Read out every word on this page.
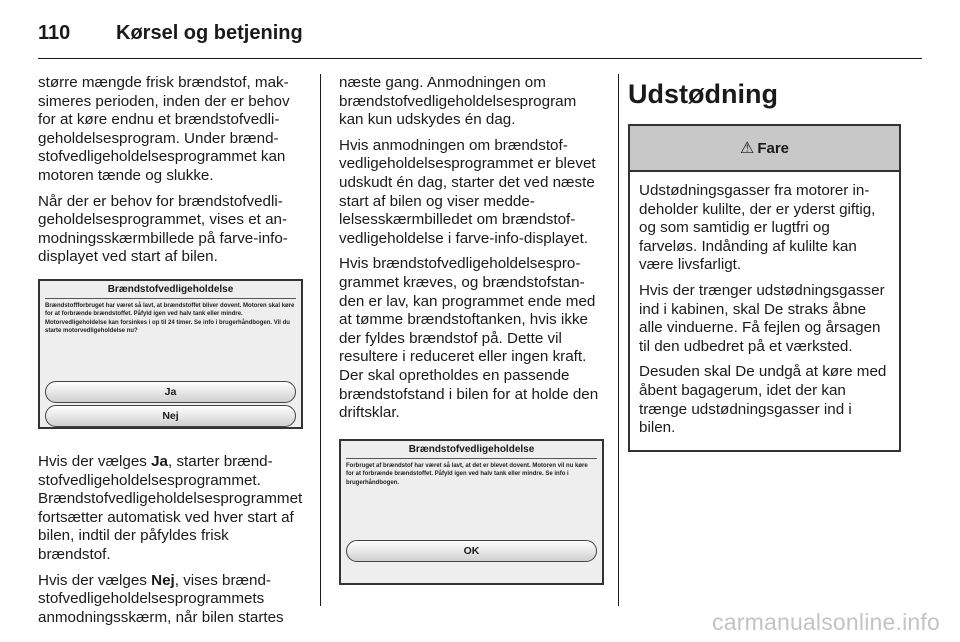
110	Kørsel og betjening

større mængde frisk brændstof, maksimeres perioden, inden der er behov for at køre endnu et brændstofvedligeholdelsesprogram. Under brændstofvedligeholdelsesprogrammet kan motoren tænde og slukke.

Når der er behov for brændstofvedligeholdelsesprogrammet, vises et anmodningsskærmbillede på farve-info-displayet ved start af bilen.

Brændstofvedligeholdelse
Brændstoffforbruget har været så lavt, at brændstoffet bliver dovent. Motoren skal køre for at forbrænde brændstoffet. Påfyld igen ved halv tank eller mindre. Motorvedligeholdelse kan forsinkes i op til 24 timer. Se info i brugerhåndbogen. Vil du starte motorvedligeholdelse nu?
Ja
Nej

Hvis der vælges Ja, starter brændstofvedligeholdelsesprogrammet. Brændstofvedligeholdelsesprogrammet fortsætter automatisk ved hver start af bilen, indtil der påfyldes frisk brændstof.

Hvis der vælges Nej, vises brændstofvedligeholdelsesprogrammets anmodningsskærm, når bilen startes

næste gang. Anmodningen om brændstofvedligeholdelsesprogram kan kun udskydes én dag.

Hvis anmodningen om brændstofvedligeholdelsesprogrammet er blevet udskudt én dag, starter det ved næste start af bilen og viser meddelelsesskærmbilledet om brændstofvedligeholdelse i farve-info-displayet.

Hvis brændstofvedligeholdelsesprogrammet kræves, og brændstofstanden er lav, kan programmet ende med at tømme brændstoftanken, hvis ikke der fyldes brændstof på. Dette vil resultere i reduceret eller ingen kraft. Der skal opretholdes en passende brændstofstand i bilen for at holde den driftsklar.

Brændstofvedligeholdelse
Forbruget af brændstof har været så lavt, at det er blevet dovent. Motoren vil nu køre for at forbrænde brændstoffet. Påfyld igen ved halv tank eller mindre. Se info i brugerhåndbogen.
OK
Udstødning
⚠ Fare

Udstødningsgasser fra motorer indeholder kulilte, der er yderst giftig, og som samtidig er lugtfri og farveløs. Indånding af kulilte kan være livsfarligt.

Hvis der trænger udstødningsgasser ind i kabinen, skal De straks åbne alle vinduerne. Få fejlen og årsagen til den udbedret på et værksted.

Desuden skal De undgå at køre med åbent bagagerum, idet der kan trænge udstødningsgasser ind i bilen.

carmanualsonline.info
